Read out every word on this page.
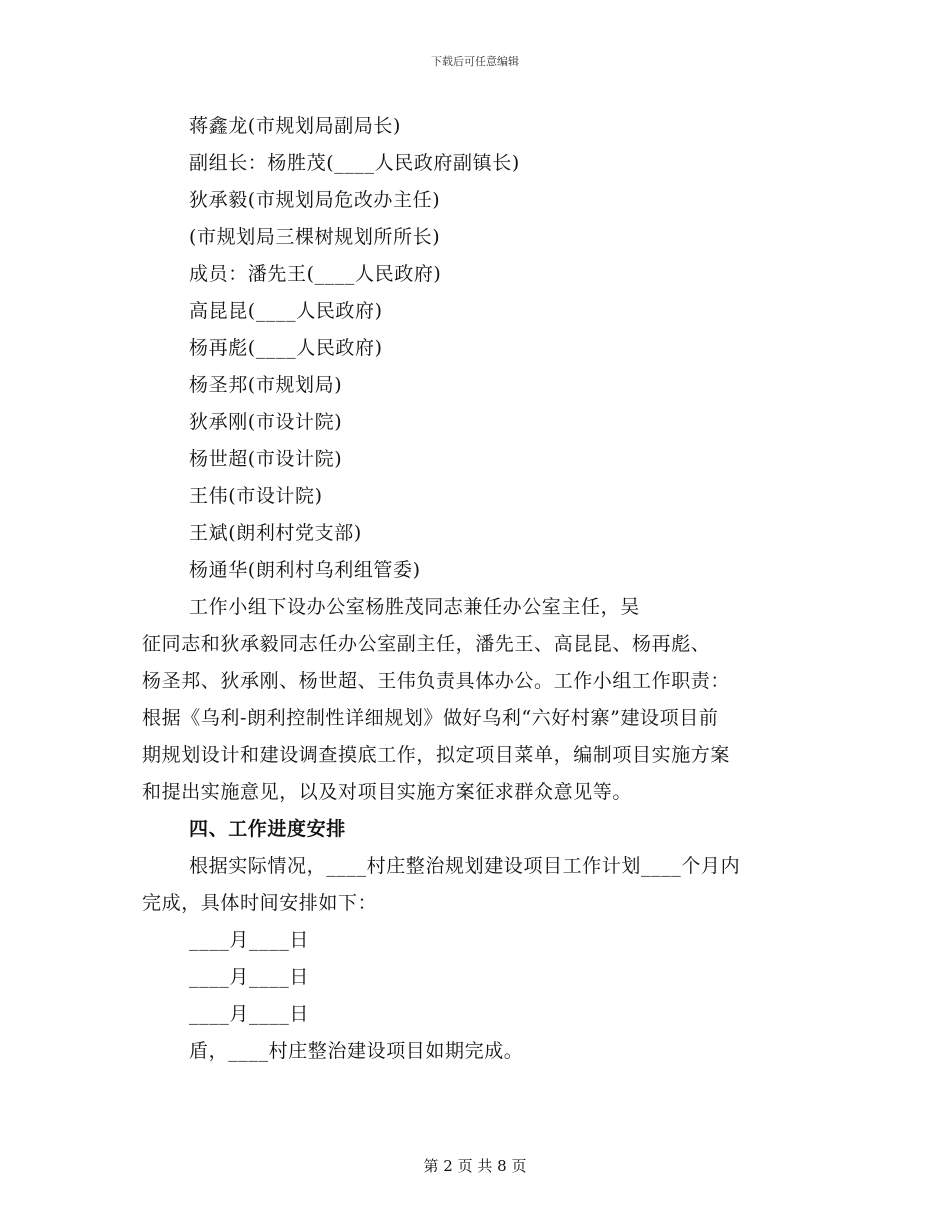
下载后可任意编辑
蒋鑫龙(市规划局副局长)
副组长：杨胜茂(____人民政府副镇长)
狄承毅(市规划局危改办主任)
(市规划局三棵树规划所所长)
成员：潘先王(____人民政府)
高昆昆(____人民政府)
杨再彪(____人民政府)
杨圣邦(市规划局)
狄承刚(市设计院)
杨世超(市设计院)
王伟(市设计院)
王斌(朗利村党支部)
杨通华(朗利村乌利组管委)
工作小组下设办公室杨胜茂同志兼任办公室主任，吴
征同志和狄承毅同志任办公室副主任，潘先王、高昆昆、杨再彪、
杨圣邦、狄承刚、杨世超、王伟负责具体办公。工作小组工作职责：
根据《乌利-朗利控制性详细规划》做好乌利“六好村寨”建设项目前
期规划设计和建设调查摸底工作，拟定项目菜单，编制项目实施方案
和提出实施意见，以及对项目实施方案征求群众意见等。
四、工作进度安排
根据实际情况，____村庄整治规划建设项目工作计划____个月内
完成，具体时间安排如下：
____月____日
____月____日
____月____日
盾，____村庄整治建设项目如期完成。
第 2 页 共 8 页
